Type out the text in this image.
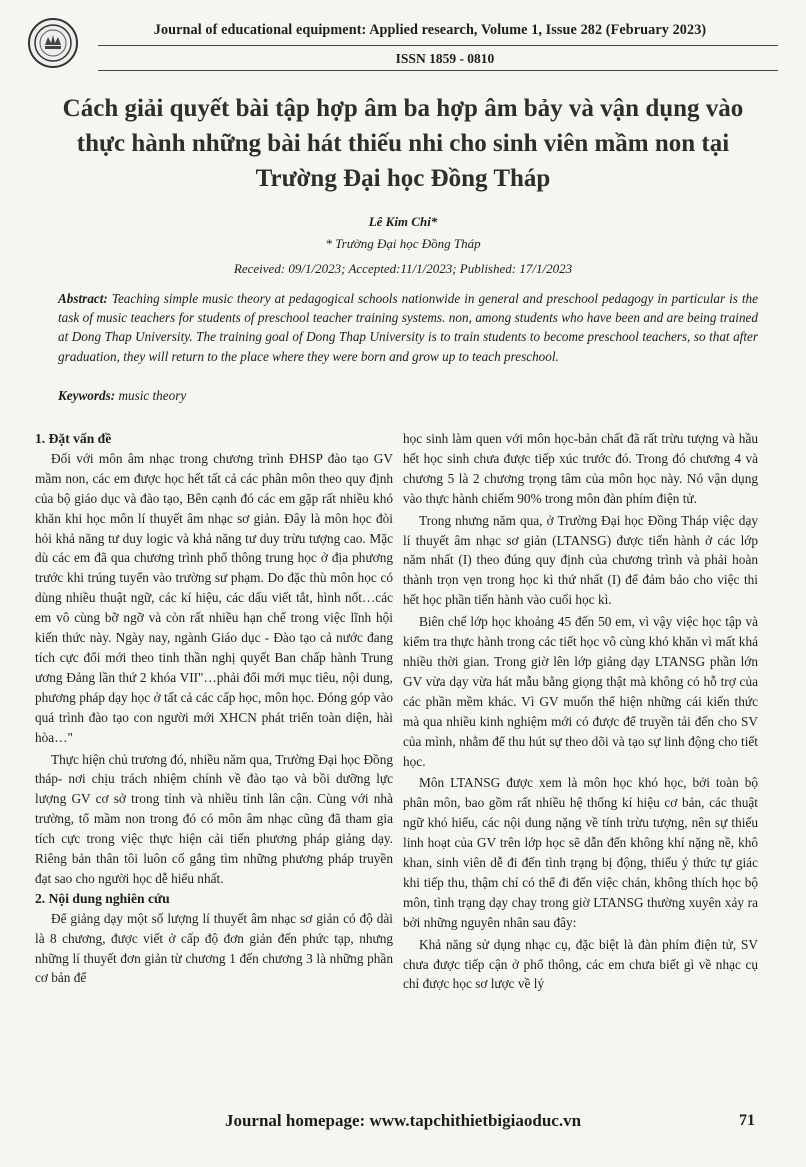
Journal of educational equipment: Applied research, Volume 1, Issue 282 (February 2023)
ISSN 1859 - 0810
Cách giải quyết bài tập hợp âm ba hợp âm bảy và vận dụng vào thực hành những bài hát thiếu nhi cho sinh viên mầm non tại Trường Đại học Đồng Tháp
Lê Kim Chi*
* Trường Đại học Đồng Tháp
Received: 09/1/2023; Accepted:11/1/2023; Published: 17/1/2023
Abstract: Teaching simple music theory at pedagogical schools nationwide in general and preschool pedagogy in particular is the task of music teachers for students of preschool teacher training systems. non, among students who have been and are being trained at Dong Thap University. The training goal of Dong Thap University is to train students to become preschool teachers, so that after graduation, they will return to the place where they were born and grow up to teach preschool.
Keywords: music theory
1. Đặt vấn đề

Đối với môn âm nhạc trong chương trình ĐHSP đào tạo GV mầm non, các em được học hết tất cả các phân môn theo quy định của bộ giáo dục và đào tạo, Bên cạnh đó các em gặp rất nhiều khó khăn khi học môn lí thuyết âm nhạc sơ giản. Đây là môn học đòi hỏi khả năng tư duy logic và khả năng tư duy trừu tượng cao. Mặc dù các em đã qua chương trình phổ thông trung học ở địa phương trước khi trúng tuyển vào trường sư phạm. Do đặc thù môn học có dùng nhiều thuật ngữ, các kí hiệu, các dấu viết tắt, hình nốt…các em vô cùng bỡ ngỡ và còn rất nhiều hạn chế trong việc lĩnh hội kiến thức này. Ngày nay, ngành Giáo dục - Đào tạo cả nước đang tích cực đổi mới theo tinh thần nghị quyết Ban chấp hành Trung ương Đảng lần thứ 2 khóa VII"…phải đổi mới mục tiêu, nội dung, phương pháp dạy học ở tất cả các cấp học, môn học. Đóng góp vào quá trình đào tạo con người mới XHCN phát triển toàn diện, hài hòa…"

Thực hiện chủ trương đó, nhiều năm qua, Trường Đại học Đồng tháp- nơi chịu trách nhiệm chính về đào tạo và bồi dưỡng lực lượng GV cơ sở trong tỉnh và nhiều tỉnh lân cận. Cùng với nhà trường, tổ mầm non trong đó có môn âm nhạc cũng đã tham gia tích cực trong việc thực hiện cải tiến phương pháp giảng dạy. Riêng bản thân tôi luôn cố gắng tìm những phương pháp truyền đạt sao cho người học dễ hiểu nhất.

2. Nội dung nghiên cứu

Để giảng dạy một số lượng lí thuyết âm nhạc sơ giản có độ dài là 8 chương, được viết ở cấp độ đơn giản đến phức tạp, nhưng những lí thuyết đơn giản từ chương 1 đến chương 3 là những phần cơ bản để

học sinh làm quen với môn học-bản chất đã rất trừu tượng và hầu hết học sinh chưa được tiếp xúc trước đó. Trong đó chương 4 và chương 5 là 2 chương trọng tâm của môn học này. Nó vận dụng vào thực hành chiếm 90% trong môn đàn phím điện tử.

Trong nhưng năm qua, ở Trường Đại học Đồng Tháp việc dạy lí thuyết âm nhạc sơ giản (LTANSG) được tiến hành ở các lớp năm nhất (I) theo đúng quy định của chương trình và phải hoàn thành trọn vẹn trong học kì thứ nhất (I) để đảm bảo cho việc thi hết học phần tiến hành vào cuối học kì.

Biên chế lớp học khoảng 45 đến 50 em, vì vậy việc học tập và kiểm tra thực hành trong các tiết học vô cùng khó khăn vì mất khá nhiều thời gian. Trong giờ lên lớp giảng dạy LTANSG phần lớn GV vừa dạy vừa hát mẫu bằng giọng thật mà không có hỗ trợ của các phần mềm khác. Vì GV muốn thể hiện những cái kiến thức mà qua nhiều kinh nghiệm mới có được để truyền tải đến cho SV của mình, nhằm để thu hút sự theo dõi và tạo sự linh động cho tiết học.

Môn LTANSG được xem là môn học khó học, bởi toàn bộ phân môn, bao gồm rất nhiều hệ thống kí hiệu cơ bản, các thuật ngữ khó hiểu, các nội dung nặng về tính trừu tượng, nên sự thiếu linh hoạt của GV trên lớp học sẽ dẫn đến không khí nặng nề, khô khan, sinh viên dễ đi đến tình trạng bị động, thiếu ý thức tự giác khi tiếp thu, thậm chí có thể đi đến việc chán, không thích học bộ môn, tình trạng dạy chay trong giờ LTANSG thường xuyên xảy ra bởi những nguyên nhân sau đây:

Khả năng sử dụng nhạc cụ, đặc biệt là đàn phím điện tử, SV chưa được tiếp cận ở phổ thông, các em chưa biết gì về nhạc cụ chỉ được học sơ lược về lý

Journal homepage: www.tapchithietbigiaoduc.vn	71
